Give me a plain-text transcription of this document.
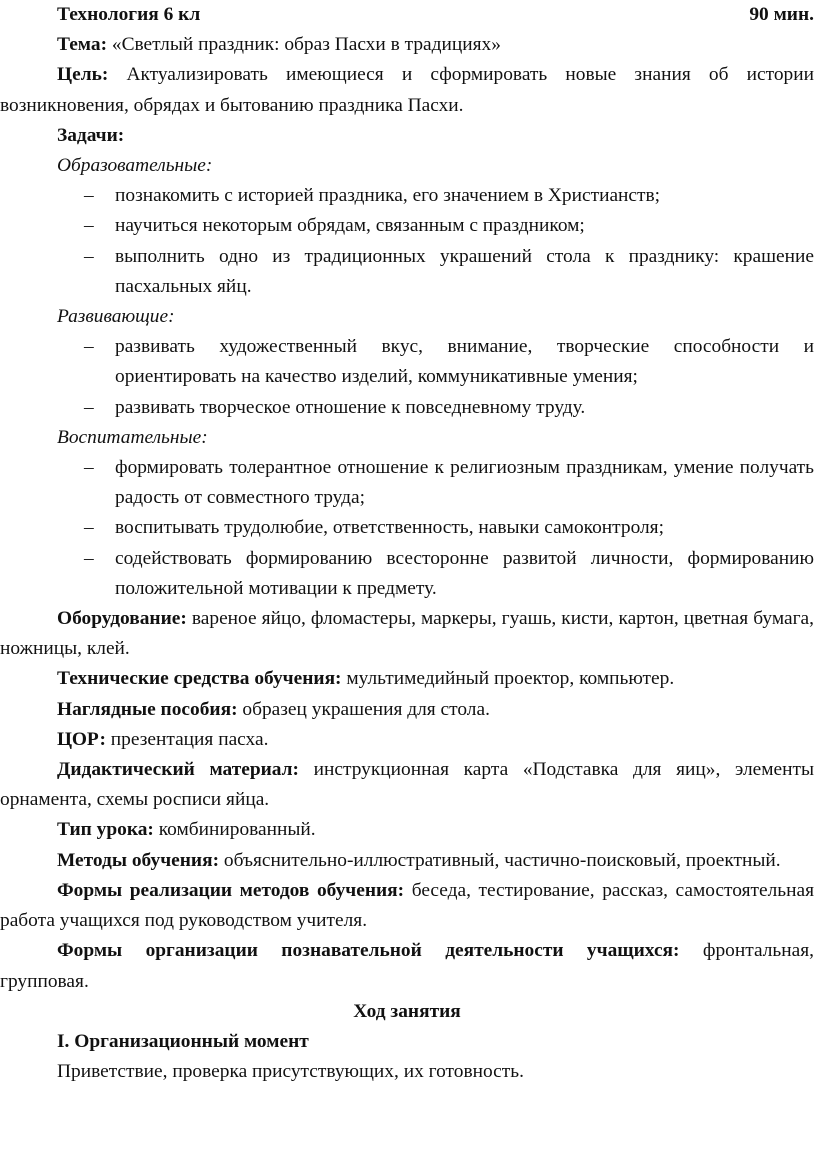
Технология 6 кл	90 мин.

Тема: «Светлый праздник: образ Пасхи в традициях»

Цель: Актуализировать имеющиеся и сформировать новые знания об истории возникновения, обрядах и бытованию праздника Пасхи.

Задачи:

Образовательные:

– познакомить с историей праздника, его значением в Христианств;
– научиться некоторым обрядам, связанным с праздником;
– выполнить одно из традиционных украшений стола к празднику: крашение пасхальных яйц.

Развивающие:

– развивать художественный вкус, внимание, творческие способности и ориентировать на качество изделий, коммуникативные умения;
– развивать творческое отношение к повседневному труду.

Воспитательные:

– формировать толерантное отношение к религиозным праздникам, умение получать радость от совместного труда;
– воспитывать трудолюбие, ответственность, навыки самоконтроля;
– содействовать формированию всесторонне развитой личности, формированию положительной мотивации к предмету.

Оборудование: вареное яйцо, фломастеры, маркеры, гуашь, кисти, картон, цветная бумага, ножницы, клей.

Технические средства обучения: мультимедийный проектор, компьютер.

Наглядные пособия: образец украшения для стола.

ЦОР: презентация пасха.

Дидактический материал: инструкционная карта «Подставка для яиц», элементы орнамента, схемы росписи яйца.

Тип урока: комбинированный.

Методы обучения: объяснительно-иллюстративный, частично-поисковый, проектный.

Формы реализации методов обучения: беседа, тестирование, рассказ, самостоятельная работа учащихся под руководством учителя.

Формы организации познавательной деятельности учащихся: фронтальная, групповая.

Ход занятия

I. Организационный момент

Приветствие, проверка присутствующих, их готовность.
